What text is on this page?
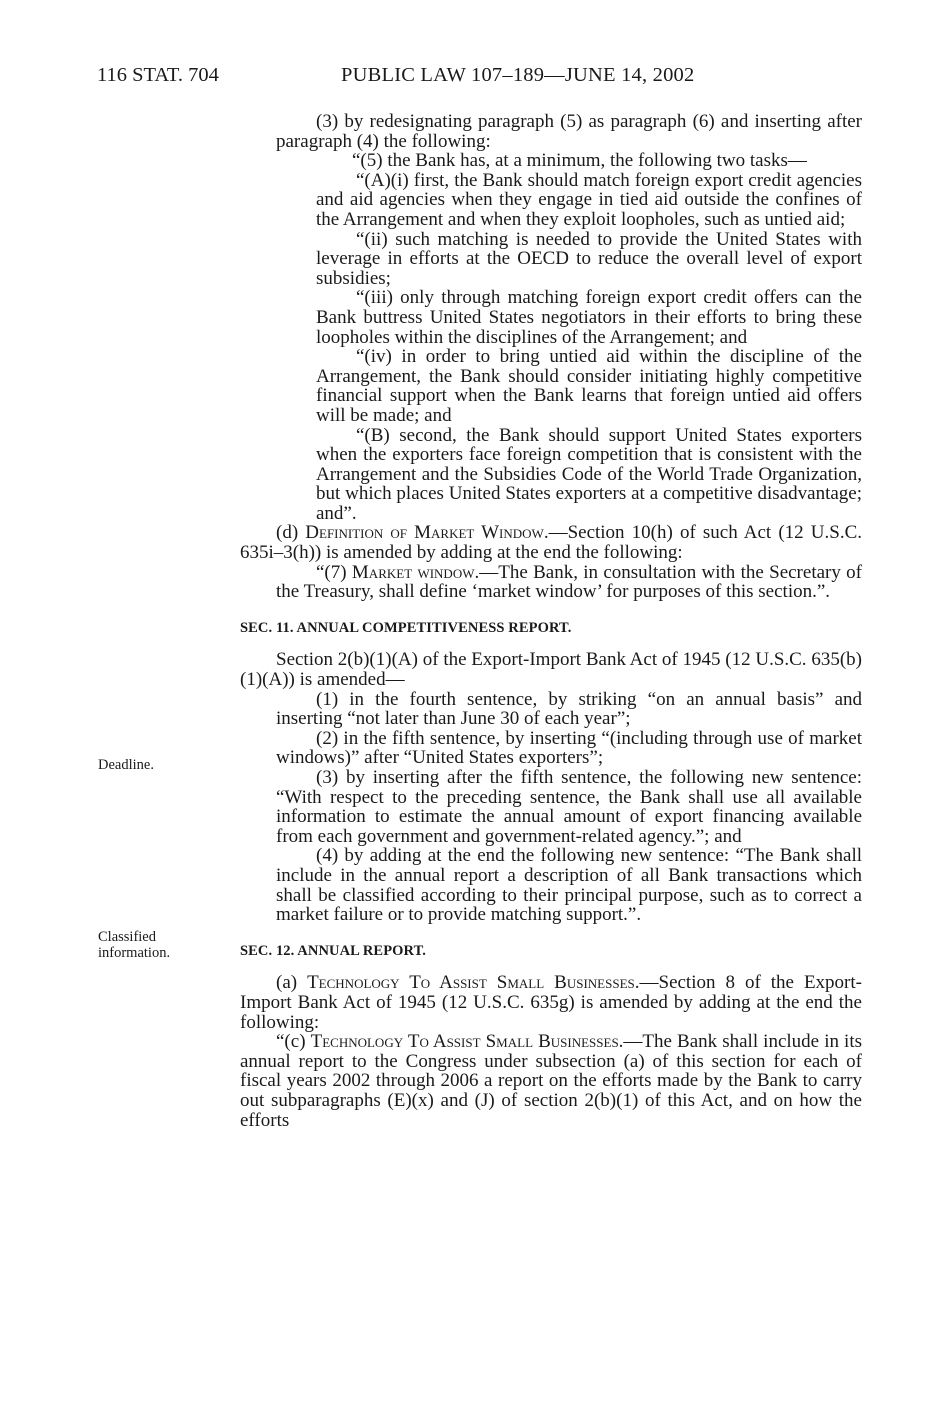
116 STAT. 704	PUBLIC LAW 107–189—JUNE 14, 2002
Deadline.
Classified information.

(3) by redesignating paragraph (5) as paragraph (6) and inserting after paragraph (4) the following:

“(5) the Bank has, at a minimum, the following two tasks—

“(A)(i) first, the Bank should match foreign export credit agencies and aid agencies when they engage in tied aid outside the confines of the Arrangement and when they exploit loopholes, such as untied aid;

“(ii) such matching is needed to provide the United States with leverage in efforts at the OECD to reduce the overall level of export subsidies;

“(iii) only through matching foreign export credit offers can the Bank buttress United States negotiators in their efforts to bring these loopholes within the disciplines of the Arrangement; and

“(iv) in order to bring untied aid within the discipline of the Arrangement, the Bank should consider initiating highly competitive financial support when the Bank learns that foreign untied aid offers will be made; and

“(B) second, the Bank should support United States exporters when the exporters face foreign competition that is consistent with the Arrangement and the Subsidies Code of the World Trade Organization, but which places United States exporters at a competitive disadvantage; and”.

(d) Definition of Market Window.—Section 10(h) of such Act (12 U.S.C. 635i–3(h)) is amended by adding at the end the following:

“(7) Market window.—The Bank, in consultation with the Secretary of the Treasury, shall define ‘market window’ for purposes of this section.”.

SEC. 11. ANNUAL COMPETITIVENESS REPORT.

Section 2(b)(1)(A) of the Export-Import Bank Act of 1945 (12 U.S.C. 635(b)(1)(A)) is amended—

(1) in the fourth sentence, by striking “on an annual basis” and inserting “not later than June 30 of each year”;

(2) in the fifth sentence, by inserting “(including through use of market windows)” after “United States exporters”;

(3) by inserting after the fifth sentence, the following new sentence: “With respect to the preceding sentence, the Bank shall use all available information to estimate the annual amount of export financing available from each government and government-related agency.”; and

(4) by adding at the end the following new sentence: “The Bank shall include in the annual report a description of all Bank transactions which shall be classified according to their principal purpose, such as to correct a market failure or to provide matching support.”.

SEC. 12. ANNUAL REPORT.

(a) Technology To Assist Small Businesses.—Section 8 of the Export-Import Bank Act of 1945 (12 U.S.C. 635g) is amended by adding at the end the following:

“(c) Technology To Assist Small Businesses.—The Bank shall include in its annual report to the Congress under subsection (a) of this section for each of fiscal years 2002 through 2006 a report on the efforts made by the Bank to carry out subparagraphs (E)(x) and (J) of section 2(b)(1) of this Act, and on how the efforts
